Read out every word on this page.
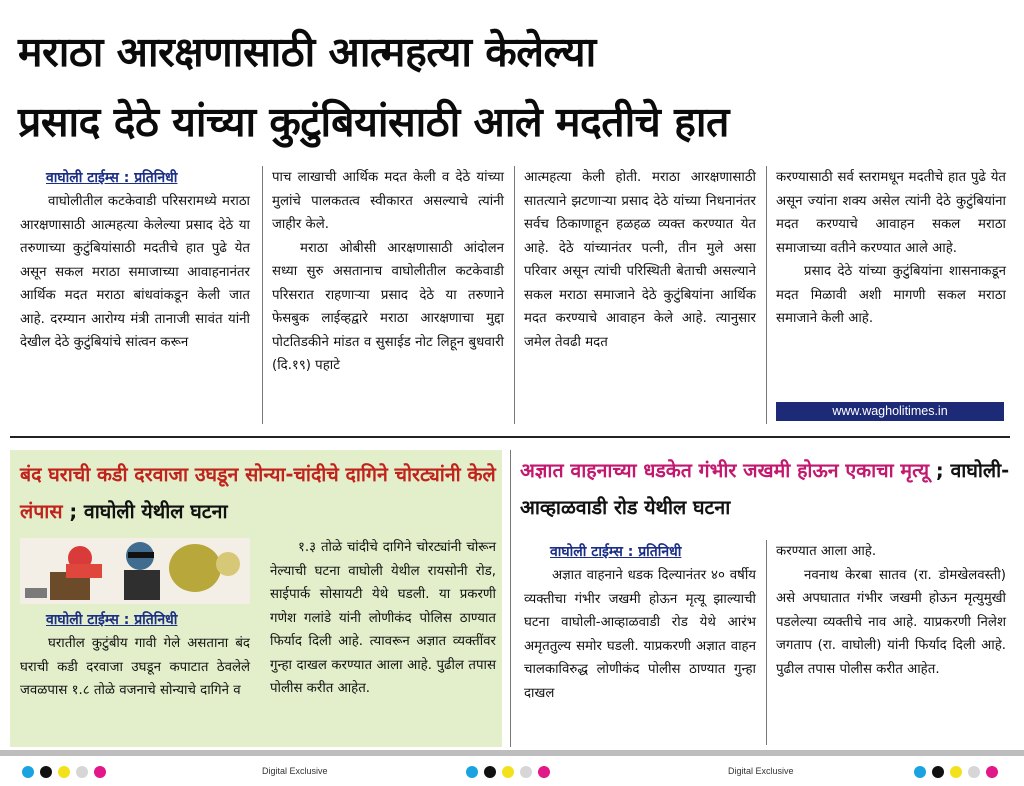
मराठा आरक्षणासाठी आत्महत्या केलेल्या
प्रसाद देठे यांच्या कुटुंबियांसाठी आले मदतीचे हात

वाघोली टाईम्स : प्रतिनिधी

वाघोलीतील कटकेवाडी परिसरामध्ये मराठा आरक्षणासाठी आत्महत्या केलेल्या प्रसाद देठे या तरुणाच्या कुटुंबियांसाठी मदतीचे हात पुढे येत असून सकल मराठा समाजाच्या आवाहनानंतर आर्थिक मदत मराठा बांधवांकडून केली जात आहे. दरम्यान आरोग्य मंत्री तानाजी सावंत यांनी देखील देठे कुटुंबियांचे सांत्वन करून

पाच लाखाची आर्थिक मदत केली व देठे यांच्या मुलांचे पालकतत्व स्वीकारत असल्याचे त्यांनी जाहीर केले.

मराठा ओबीसी आरक्षणासाठी आंदोलन सध्या सुरु असतानाच वाघोलीतील कटकेवाडी परिसरात राहणाऱ्या प्रसाद देठे या तरुणाने फेसबुक लाईव्हद्वारे मराठा आरक्षणाचा मुद्दा पोटतिडकीने मांडत व सुसाईड नोट लिहून बुधवारी (दि.१९) पहाटे

आत्महत्या केली होती. मराठा आरक्षणासाठी सातत्याने झटणाऱ्या प्रसाद देठे यांच्या निधनानंतर सर्वच ठिकाणाहून हळहळ व्यक्त करण्यात येत आहे. देठे यांच्यानंतर पत्नी, तीन मुले असा परिवार असून त्यांची परिस्थिती बेताची असल्याने सकल मराठा समाजाने देठे कुटुंबियांना आर्थिक मदत करण्याचे आवाहन केले आहे. त्यानुसार जमेल तेवढी मदत

करण्यासाठी सर्व स्तरामधून मदतीचे हात पुढे येत असून ज्यांना शक्य असेल त्यांनी देठे कुटुंबियांना मदत करण्याचे आवाहन सकल मराठा समाजाच्या वतीने करण्यात आले आहे.

प्रसाद देठे यांच्या कुटुंबियांना शासनाकडून मदत मिळावी अशी मागणी सकल मराठा समाजाने केली आहे.

www.wagholitimes.in
बंद घराची कडी दरवाजा उघडून सोन्या-चांदीचे दागिने चोरट्यांनी केले लंपास ; वाघोली येथील घटना

वाघोली टाईम्स : प्रतिनिधी

घरातील कुटुंबीय गावी गेले असताना बंद घराची कडी दरवाजा उघडून कपाटात ठेवलेले जवळपास १.८ तोळे वजनाचे सोन्याचे दागिने व

१.३ तोळे चांदीचे दागिने चोरट्यांनी चोरून नेल्याची घटना वाघोली येथील रायसोनी रोड, साईपार्क सोसायटी येथे घडली. या प्रकरणी गणेश गलांडे यांनी लोणीकंद पोलिस ठाण्यात फिर्याद दिली आहे. त्यावरून अज्ञात व्यक्तींवर गुन्हा दाखल करण्यात आला आहे. पुढील तपास पोलीस करीत आहेत.

अज्ञात वाहनाच्या धडकेत गंभीर जखमी होऊन एकाचा मृत्यू ; वाघोली-आव्हाळवाडी रोड येथील घटना

वाघोली टाईम्स : प्रतिनिधी

अज्ञात वाहनाने धडक दिल्यानंतर ४० वर्षीय व्यक्तीचा गंभीर जखमी होऊन मृत्यू झाल्याची घटना वाघोली-आव्हाळवाडी रोड येथे आरंभ अमृततुल्य समोर घडली. याप्रकरणी अज्ञात वाहन चालकाविरुद्ध लोणीकंद पोलीस ठाण्यात गुन्हा दाखल

करण्यात आला आहे.

नवनाथ केरबा सातव (रा. डोमखेलवस्ती) असे अपघातात गंभीर जखमी होऊन मृत्युमुखी पडलेल्या व्यक्तीचे नाव आहे. याप्रकरणी निलेश जगताप (रा. वाघोली) यांनी फिर्याद दिली आहे. पुढील तपास पोलीस करीत आहेत.

Digital Exclusive	Digital Exclusive
